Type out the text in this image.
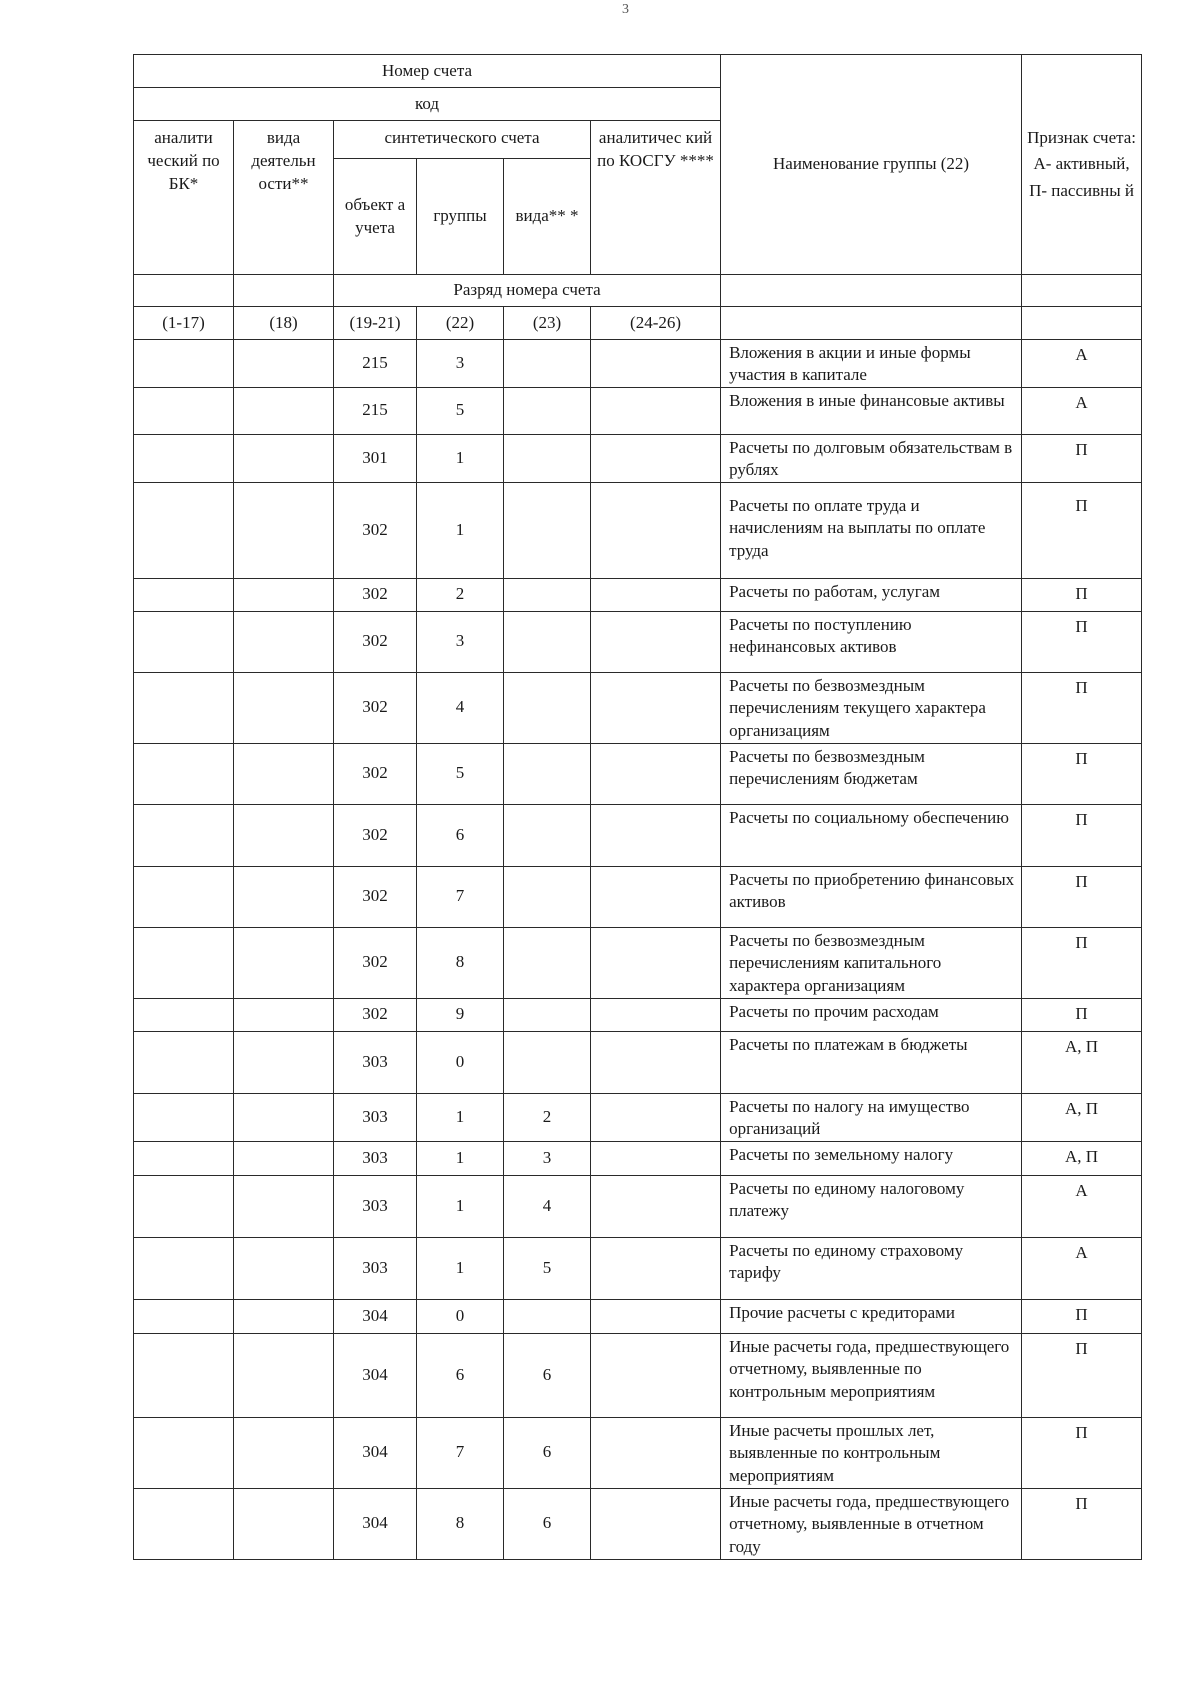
3
Номер счета						Наименование группы (22)	Признак счета: А- активный, П- пассивны й
код							
аналити ческий по БК*	вида деятельн ости**	синтетического счета			аналитичес кий по КОСГУ ****		
		объект а учета	группы	вида** *			
		Разряд номера счета					
(1-17)	(18)	(19-21)	(22)	(23)	(24-26)		
		215	3			Вложения в акции и иные формы участия в капитале	А
		215	5			Вложения в иные финансовые активы	А
		301	1			Расчеты по долговым обязательствам в рублях	П
		302	1			Расчеты по оплате труда и начислениям на выплаты по оплате труда	П
		302	2			Расчеты по работам, услугам	П
		302	3			Расчеты по поступлению нефинансовых активов	П
		302	4			Расчеты по безвозмездным перечислениям текущего характера организациям	П
		302	5			Расчеты по безвозмездным перечислениям бюджетам	П
		302	6			Расчеты по социальному обеспечению	П
		302	7			Расчеты по приобретению финансовых активов	П
		302	8			Расчеты по безвозмездным перечислениям капитального характера организациям	П
		302	9			Расчеты по прочим расходам	П
		303	0			Расчеты по платежам в бюджеты	А, П
		303	1	2		Расчеты по налогу на имущество организаций	А, П
		303	1	3		Расчеты по земельному налогу	А, П
		303	1	4		Расчеты по единому налоговому платежу	А
		303	1	5		Расчеты по единому страховому тарифу	А
		304	0			Прочие расчеты с кредиторами	П
		304	6	6		Иные расчеты года, предшествующего отчетному, выявленные по контрольным мероприятиям	П
		304	7	6		Иные расчеты прошлых лет, выявленные по контрольным мероприятиям	П
		304	8	6		Иные расчеты года, предшествующего отчетному, выявленные в отчетном году	П
